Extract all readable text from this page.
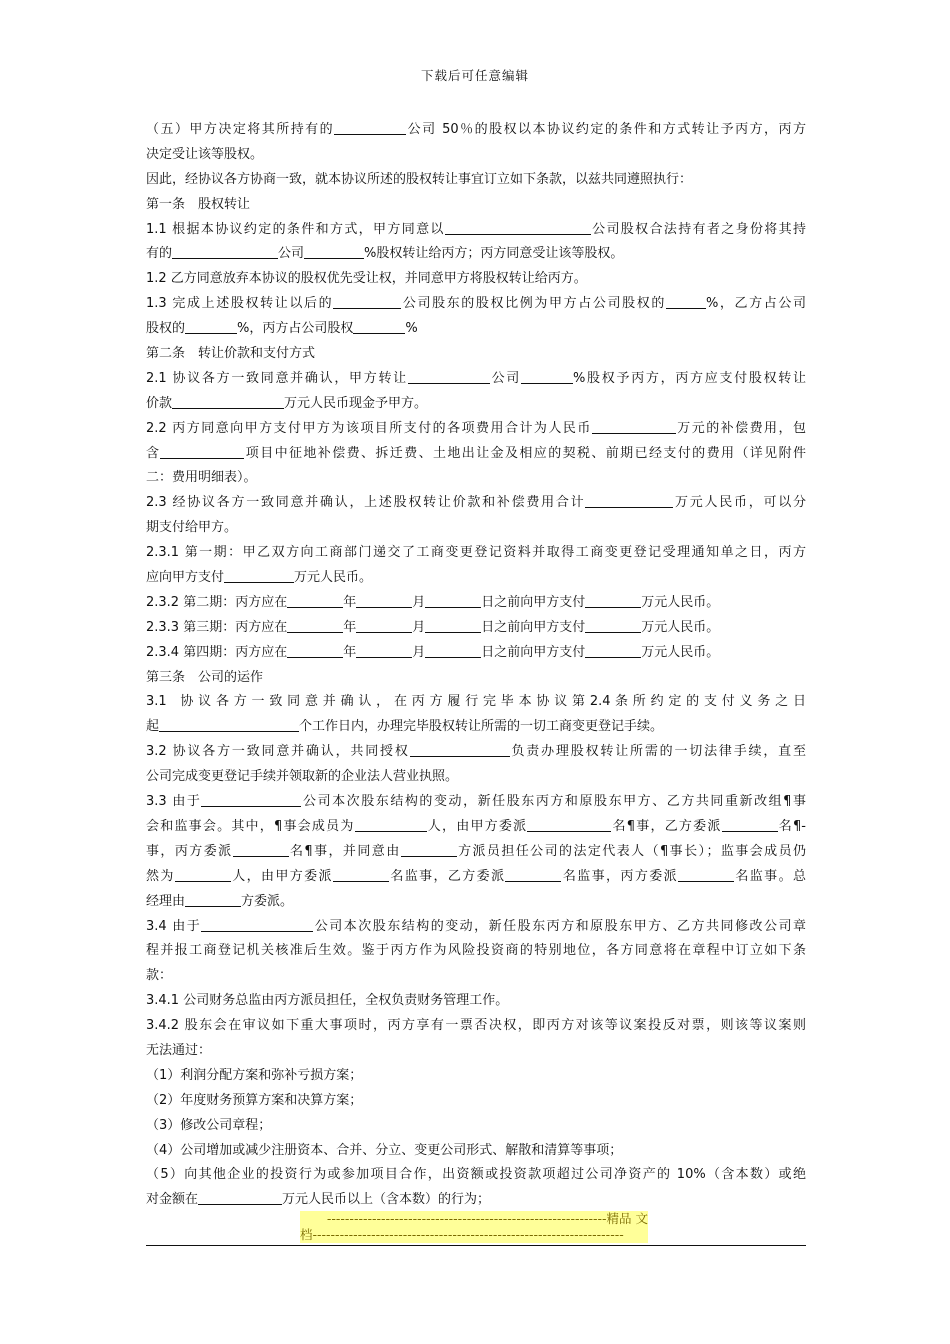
下载后可任意编辑
（五）甲方决定将其所持有的	公司 50％的股权以本协议约定的条件和方式转让予丙方，丙方
决定受让该等股权。
因此，经协议各方协商一致，就本协议所述的股权转让事宜订立如下条款，以兹共同遵照执行：
第一条　股权转让
1.1 根据本协议约定的条件和方式，甲方同意以	公司股权合法持有者之身份将其持
有的	公司	%股权转让给丙方；丙方同意受让该等股权。
1.2 乙方同意放弃本协议的股权优先受让权，并同意甲方将股权转让给丙方。
1.3 完成上述股权转让以后的	公司股东的股权比例为甲方占公司股权的	%，乙方占公司
股权的	%，丙方占公司股权	%
第二条　转让价款和支付方式
2.1 协议各方一致同意并确认，甲方转让	公司	%股权予丙方，丙方应支付股权转让
价款	万元人民币现金予甲方。
2.2 丙方同意向甲方支付甲方为该项目所支付的各项费用合计为人民币	万元的补偿费用，包
含	项目中征地补偿费、拆迁费、土地出让金及相应的契税、前期已经支付的费用（详见附件
二：费用明细表）。
2.3 经协议各方一致同意并确认，上述股权转让价款和补偿费用合计	万元人民币，可以分
期支付给甲方。
2.3.1 第一期：甲乙双方向工商部门递交了工商变更登记资料并取得工商变更登记受理通知单之日，丙方
应向甲方支付	万元人民币。
2.3.2 第二期：丙方应在	年	月	日之前向甲方支付	万元人民币。
2.3.3 第三期：丙方应在	年	月	日之前向甲方支付	万元人民币。
2.3.4 第四期：丙方应在	年	月	日之前向甲方支付	万元人民币。
第三条　公司的运作
3.1　协 议 各 方 一 致 同 意 并 确 认 ， 在 丙 方 履 行 完 毕 本 协 议 第 2.4 条 所 约 定 的 支 付 义 务 之 日
起	个工作日内，办理完毕股权转让所需的一切工商变更登记手续。
3.2 协议各方一致同意并确认，共同授权	负责办理股权转让所需的一切法律手续，直至
公司完成变更登记手续并领取新的企业法人营业执照。
3.3 由于	公司本次股东结构的变动，新任股东丙方和原股东甲方、乙方共同重新改组¶事
会和监事会。其中，¶事会成员为	人，由甲方委派	名¶事，乙方委派	名¶-
事，丙方委派	名¶事，并同意由	方派员担任公司的法定代表人（¶事长）；监事会成员仍
然为	人，由甲方委派	名监事，乙方委派	名监事，丙方委派	名监事。总
经理由	方委派。
3.4 由于	公司本次股东结构的变动，新任股东丙方和原股东甲方、乙方共同修改公司章
程并报工商登记机关核准后生效。鉴于丙方作为风险投资商的特别地位，各方同意将在章程中订立如下条
款：
3.4.1 公司财务总监由丙方派员担任，全权负责财务管理工作。
3.4.2 股东会在审议如下重大事项时，丙方享有一票否决权，即丙方对该等议案投反对票，则该等议案则
无法通过：
（1）利润分配方案和弥补亏损方案；
（2）年度财务预算方案和决算方案；
（3）修改公司章程；
（4）公司增加或减少注册资本、合并、分立、变更公司形式、解散和清算等事项；
（5）向其他企业的投资行为或参加项目合作，出资额或投资款项超过公司净资产的 10%（含本数）或绝
对金额在	万元人民币以上（含本数）的行为；
--------------------------------------------------------------精品 文
档---------------------------------------------------------------------
